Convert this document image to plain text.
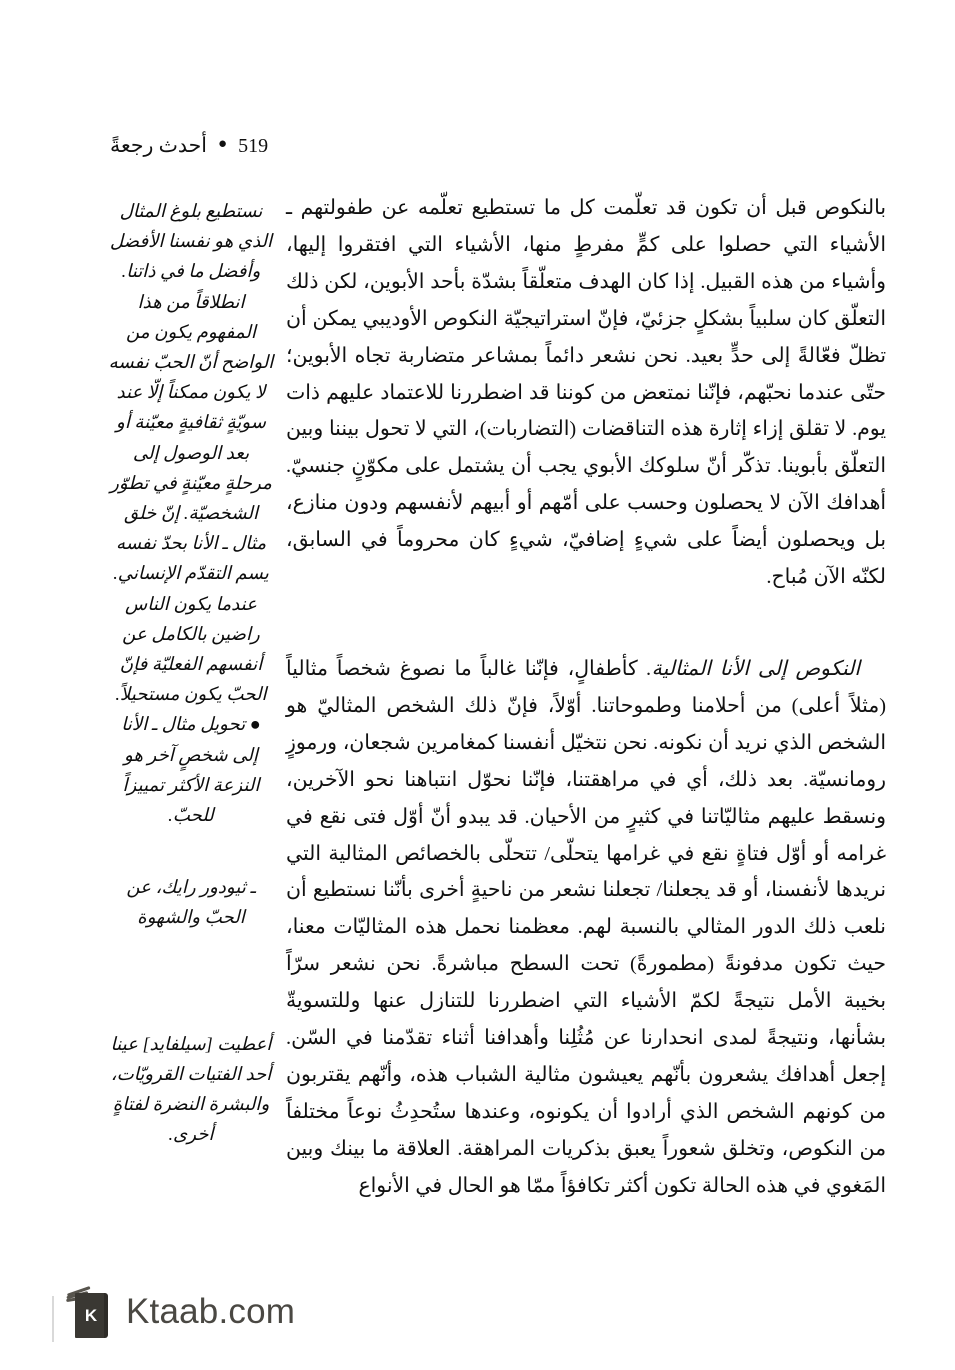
أحدث رجعةً ● 519
نستطيع بلوغ المثال الذي هو نفسنا الأفضل وأفضل ما في ذاتنا. انطلاقاً من هذا المفهوم يكون من الواضح أنّ الحبّ نفسه لا يكون ممكناً إلّا عند سويّةٍ ثقافيةٍ معيّنة أو بعد الوصول إلى مرحلةٍ معيّنةٍ في تطوّر الشخصيّة. إنّ خلق مثال ـ الأنا بحدّ نفسه يسم التقدّم الإنساني. عندما يكون الناس راضين بالكامل عن أنفسهم الفعليّة فإنّ الحبّ يكون مستحيلاً. ● تحويل مثال ـ الأنا إلى شخصٍ آخر هو النزعة الأكثر تمييزاً للحبّ.
ـ ثيودور رايك، عن الحبّ والشهوة
أعطيت [سيلفايد] عينا أحد الفتيات القرويّات، والبشرة النضرة لفتاةٍ أخرى.

بالنكوص قبل أن تكون قد تعلّمت كل ما تستطيع تعلّمه عن طفولتهم ـ الأشياء التي حصلوا على كمٍّ مفرطٍ منها، الأشياء التي افتقروا إليها، وأشياء من هذه القبيل. إذا كان الهدف متعلّقاً بشدّة بأحد الأبوين، لكن ذلك التعلّق كان سلبياً بشكلٍ جزئيّ، فإنّ استراتيجيّة النكوص الأوديبي يمكن أن تظلّ فعّالةً إلى حدٍّ بعيد. نحن نشعر دائماً بمشاعر متضاربة تجاه الأبوين؛ حتّى عندما نحبّهم، فإنّنا نمتعض من كوننا قد اضطررنا للاعتماد عليهم ذات يوم. لا تقلق إزاء إثارة هذه التناقضات (التضاربات)، التي لا تحول بيننا وبين التعلّق بأبوينا. تذكّر أنّ سلوكك الأبوي يجب أن يشتمل على مكوّنٍ جنسيّ. أهدافك الآن لا يحصلون وحسب على أمّهم أو أبيهم لأنفسهم ودون منازع، بل ويحصلون أيضاً على شيءٍ إضافيّ، شيءٍ كان محروماً في السابق، لكنّه الآن مُباح.

النكوص إلى الأنا المثالية. كأطفالٍ، فإنّنا غالباً ما نصوغ شخصاً مثالياً (مثلاً أعلى) من أحلامنا وطموحاتنا. أوّلاً، فإنّ ذلك الشخص المثاليّ هو الشخص الذي نريد أن نكونه. نحن نتخيّل أنفسنا كمغامرين شجعان، ورموزٍ رومانسيّة. بعد ذلك، أي في مراهقتنا، فإنّنا نحوّل انتباهنا نحو الآخرين، ونسقط عليهم مثاليّاتنا في كثيرٍ من الأحيان. قد يبدو أنّ أوّل فتى نقع في غرامه أو أوّل فتاةٍ نقع في غرامها يتحلّى/ تتحلّى بالخصائص المثالية التي نريدها لأنفسنا، أو قد يجعلنا/ تجعلنا نشعر من ناحيةٍ أخرى بأنّنا نستطيع أن نلعب ذلك الدور المثالي بالنسبة لهم. معظمنا نحمل هذه المثاليّات معنا، حيث تكون مدفونةً (مطمورةً) تحت السطح مباشرةً. نحن نشعر سرّاً بخيبة الأمل نتيجةً لكمّ الأشياء التي اضطررنا للتنازل عنها وللتسويةّ بشأنها، ونتيجةً لمدى انحدارنا عن مُثُلِنا وأهدافنا أثناء تقدّمنا في السّن. إجعل أهدافك يشعرون بأنّهم يعيشون مثالية الشباب هذه، وأنّهم يقتربون من كونهم الشخص الذي أرادوا أن يكونوه، وعندها ستُحدِثُ نوعاً مختلفاً من النكوص، وتخلق شعوراً يعبق بذكريات المراهقة. العلاقة ما بينك وبين المَغوي في هذه الحالة تكون أكثر تكافؤاً ممّا هو الحال في الأنواع

K Ktaab.com
